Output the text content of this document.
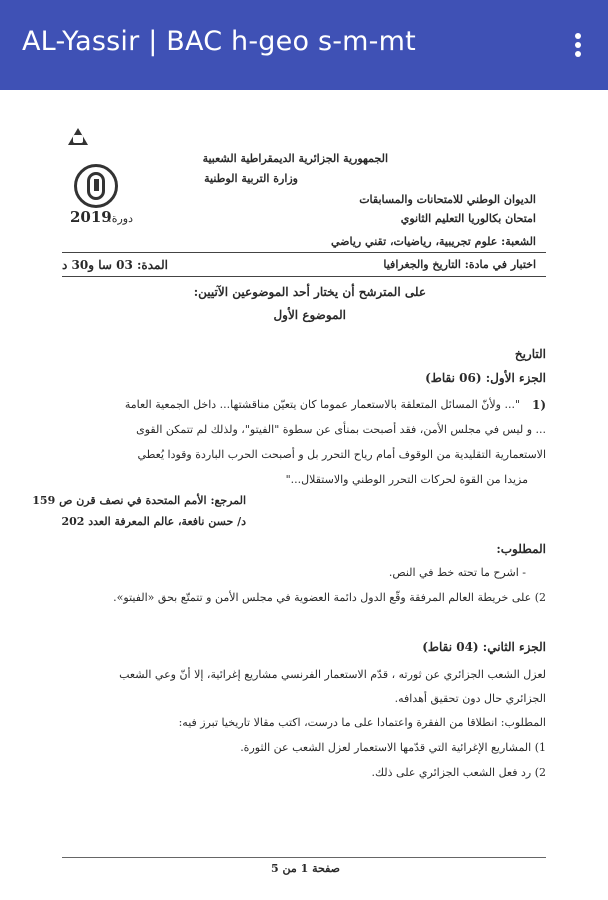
AL-Yassir | BAC h-geo s-m-mt
الجمهورية الجزائرية الديمقراطية الشعبية
وزارة التربية الوطنية
الديوان الوطني للامتحانات والمسابقات
امتحان بكالوريا التعليم الثانوي
2019
دورة:
الشعبة: علوم تجريبية، رياضيات، تقني رياضي
اختبار في مادة: التاريخ والجغرافيا
المدة: 03 سا و30 د
على المترشح أن يختار أحد الموضوعين الآتيين:
الموضوع الأول
التاريخ
الجزء الأول: (06 نقاط)
1)
"... ولأنّ المسائل المتعلقة بالاستعمار عموما كان يتعيّن مناقشتها... داخل الجمعية العامة
... و ليس في مجلس الأمن، فقد أصبحت بمنأى عن سطوة "الفيتو"، ولذلك لم تتمكن القوى
الاستعمارية التقليدية من الوقوف أمام رياح التحرر بل و أصبحت الحرب الباردة وقودا يُعطي
مزيدا من القوة لحركات التحرر الوطني والاستقلال..."
المرجع: الأمم المتحدة في نصف قرن ص 159
د/ حسن نافعة، عالم المعرفة العدد 202
المطلوب:
- اشرح ما تحته خط في النص.
2) على خريطة العالم المرفقة وقّع الدول دائمة العضوية في مجلس الأمن و تتمتّع بحق «الفيتو».
الجزء الثاني: (04 نقاط)
لعزل الشعب الجزائري عن ثورته ، قدّم الاستعمار الفرنسي مشاريع إغرائية، إلا أنّ وعي الشعب
الجزائري حال دون تحقيق أهدافه.
المطلوب: انطلاقا من الفقرة واعتمادا على ما درست، اكتب مقالا تاريخيا تبرز فيه:
1) المشاريع الإغرائية التي قدّمها الاستعمار لعزل الشعب عن الثورة.
2) رد فعل الشعب الجزائري على ذلك.
صفحة 1 من 5
